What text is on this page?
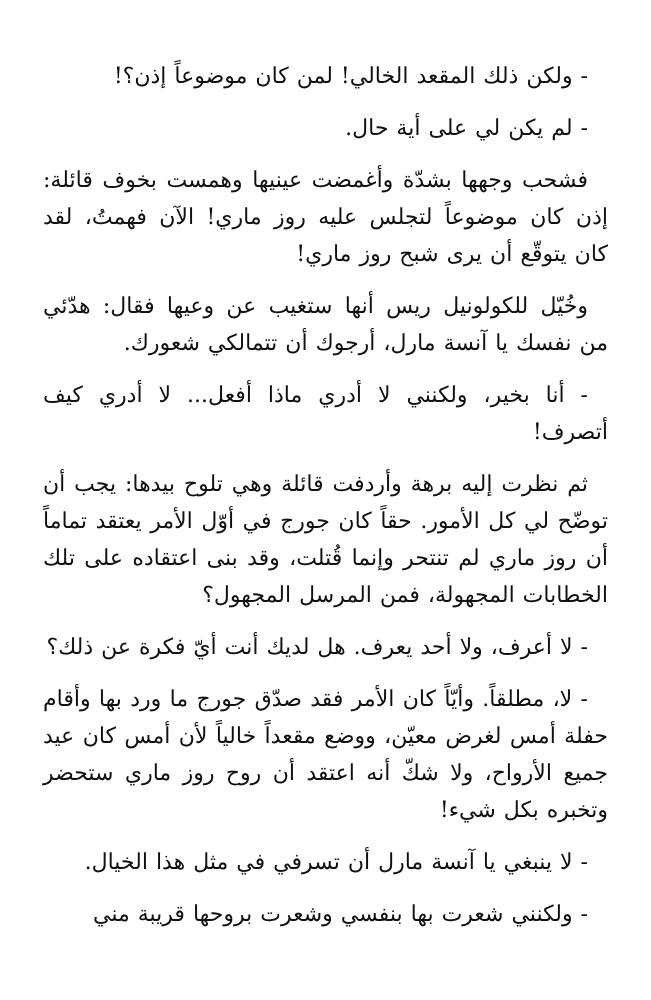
- ولكن ذلك المقعد الخالي! لمن كان موضوعاً إذن؟!

- لم يكن لي على أية حال.

فشحب وجهها بشدّة وأغمضت عينيها وهمست بخوف قائلة: إذن كان موضوعاً لتجلس عليه روز ماري! الآن فهمتُ، لقد كان يتوقّع أن يرى شبح روز ماري!

وخُيّل للكولونيل ريس أنها ستغيب عن وعيها فقال: هدّئي من نفسك يا آنسة مارل، أرجوك أن تتمالكي شعورك.

- أنا بخير، ولكنني لا أدري ماذا أفعل... لا أدري كيف أتصرف!

ثم نظرت إليه برهة وأردفت قائلة وهي تلوح بيدها: يجب أن توضّح لي كل الأمور. حقاً كان جورج في أوّل الأمر يعتقد تماماً أن روز ماري لم تنتحر وإنما قُتلت، وقد بنى اعتقاده على تلك الخطابات المجهولة، فمن المرسل المجهول؟

- لا أعرف، ولا أحد يعرف. هل لديك أنت أيّ فكرة عن ذلك؟

- لا، مطلقاً. وأيّاً كان الأمر فقد صدّق جورج ما ورد بها وأقام حفلة أمس لغرض معيّن، ووضع مقعداً خالياً لأن أمس كان عيد جميع الأرواح، ولا شكّ أنه اعتقد أن روح روز ماري ستحضر وتخبره بكل شيء!

- لا ينبغي يا آنسة مارل أن تسرفي في مثل هذا الخيال.

- ولكنني شعرت بها بنفسي وشعرت بروحها قريبة مني
